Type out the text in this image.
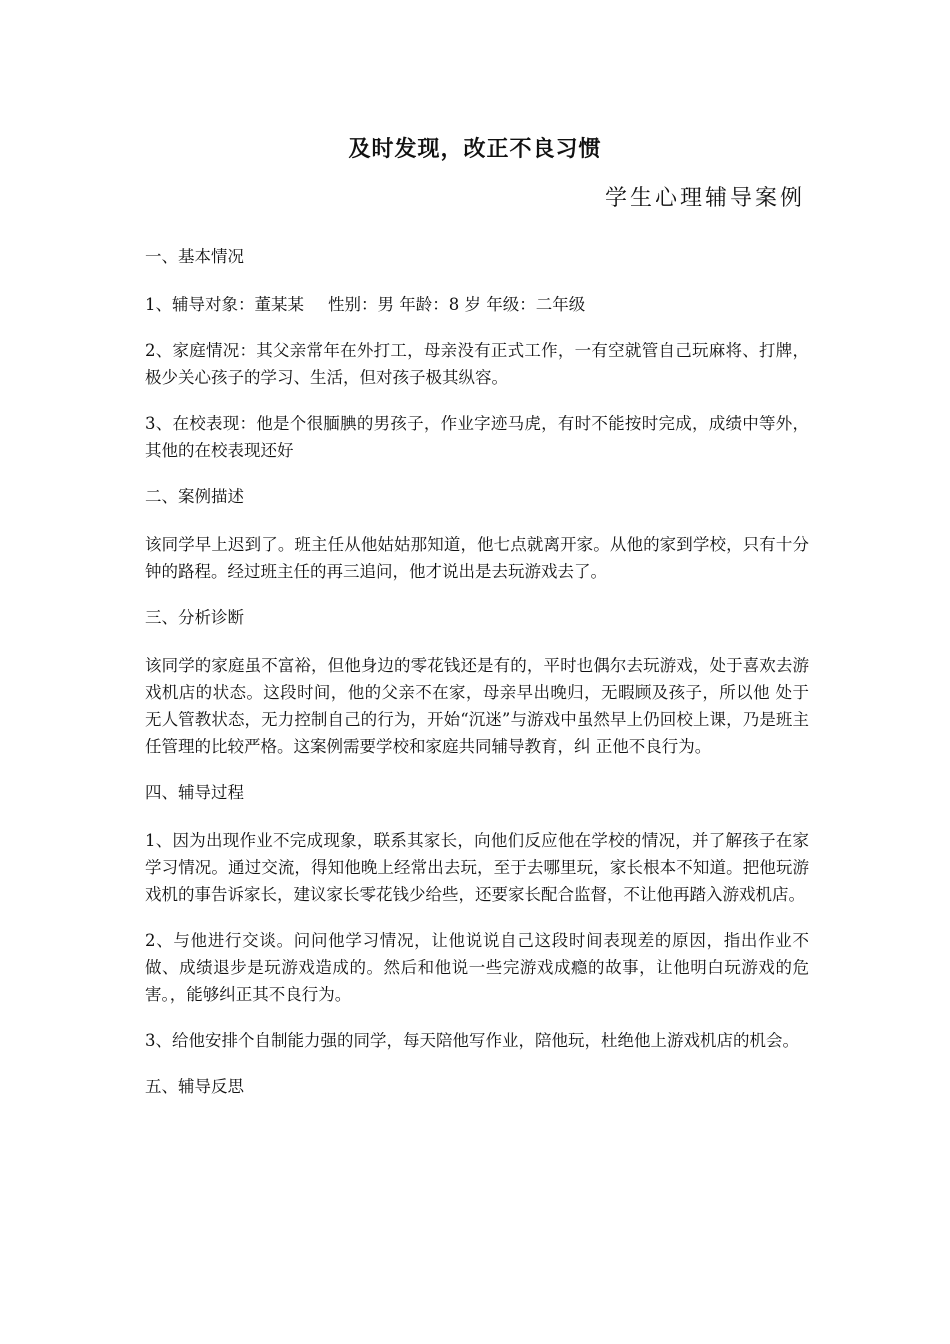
及时发现，改正不良习惯
学生心理辅导案例

一、基本情况

1、辅导对象：董某某 性别：男 年龄：8 岁 年级：二年级

2、家庭情况：其父亲常年在外打工，母亲没有正式工作，一有空就管自己玩麻将、打牌，极少关心孩子的学习、生活，但对孩子极其纵容。

3、在校表现：他是个很腼腆的男孩子，作业字迹马虎，有时不能按时完成，成绩中等外，其他的在校表现还好

二、案例描述

该同学早上迟到了。班主任从他姑姑那知道，他七点就离开家。从他的家到学校，只有十分钟的路程。经过班主任的再三追问，他才说出是去玩游戏去了。

三、分析诊断

该同学的家庭虽不富裕，但他身边的零花钱还是有的，平时也偶尔去玩游戏，处于喜欢去游戏机店的状态。这段时间，他的父亲不在家，母亲早出晚归，无暇顾及孩子，所以他 处于无人管教状态，无力控制自己的行为，开始“沉迷”与游戏中虽然早上仍回校上课，乃是班主任管理的比较严格。这案例需要学校和家庭共同辅导教育，纠 正他不良行为。

四、辅导过程

1、因为出现作业不完成现象，联系其家长，向他们反应他在学校的情况，并了解孩子在家学习情况。通过交流，得知他晚上经常出去玩，至于去哪里玩，家长根本不知道。把他玩游戏机的事告诉家长，建议家长零花钱少给些，还要家长配合监督，不让他再踏入游戏机店。

2、与他进行交谈。问问他学习情况，让他说说自己这段时间表现差的原因，指出作业不做、成绩退步是玩游戏造成的。然后和他说一些完游戏成瘾的故事，让他明白玩游戏的危害。，能够纠正其不良行为。

3、给他安排个自制能力强的同学，每天陪他写作业，陪他玩，杜绝他上游戏机店的机会。

五、辅导反思
